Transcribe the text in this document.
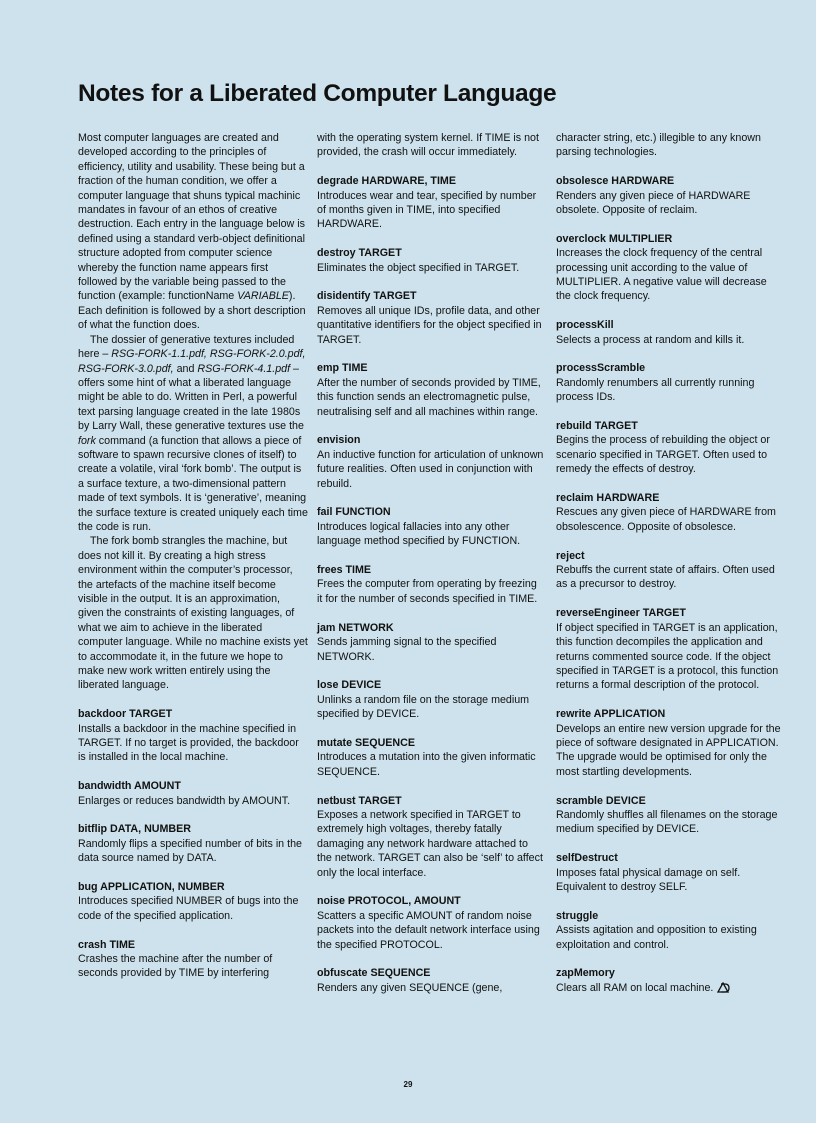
Notes for a Liberated Computer Language

Most computer languages are created and developed according to the principles of efficiency, utility and usability. These being but a fraction of the human condition, we offer a computer language that shuns typical machinic mandates in favour of an ethos of creative destruction. Each entry in the language below is defined using a standard verb-object definitional structure adopted from computer science whereby the function name appears first followed by the variable being passed to the function (example: functionName VARIABLE). Each definition is followed by a short description of what the function does.

The dossier of generative textures included here – RSG-FORK-1.1.pdf, RSG-FORK-2.0.pdf, RSG-FORK-3.0.pdf, and RSG-FORK-4.1.pdf – offers some hint of what a liberated language might be able to do. Written in Perl, a powerful text parsing language created in the late 1980s by Larry Wall, these generative textures use the fork command (a function that allows a piece of software to spawn recursive clones of itself) to create a volatile, viral ‘fork bomb’. The output is a surface texture, a two-dimensional pattern made of text symbols. It is ‘generative’, meaning the surface texture is created uniquely each time the code is run.

The fork bomb strangles the machine, but does not kill it. By creating a high stress environment within the computer’s processor, the artefacts of the machine itself become visible in the output. It is an approximation, given the constraints of existing languages, of what we aim to achieve in the liberated computer language. While no machine exists yet to accommodate it, in the future we hope to make new work written entirely using the liberated language.

backdoor TARGET

Installs a backdoor in the machine specified in TARGET. If no target is provided, the backdoor is installed in the local machine.

bandwidth AMOUNT

Enlarges or reduces bandwidth by AMOUNT.

bitflip DATA, NUMBER

Randomly flips a specified number of bits in the data source named by DATA.

bug APPLICATION, NUMBER

Introduces specified NUMBER of bugs into the code of the specified application.

crash TIME

Crashes the machine after the number of seconds provided by TIME by interfering

with the operating system kernel. If TIME is not provided, the crash will occur immediately.

degrade HARDWARE, TIME

Introduces wear and tear, specified by number of months given in TIME, into specified HARDWARE.

destroy TARGET

Eliminates the object specified in TARGET.

disidentify TARGET

Removes all unique IDs, profile data, and other quantitative identifiers for the object specified in TARGET.

emp TIME

After the number of seconds provided by TIME, this function sends an electromagnetic pulse, neutralising self and all machines within range.

envision

An inductive function for articulation of unknown future realities. Often used in conjunction with rebuild.

fail FUNCTION

Introduces logical fallacies into any other language method specified by FUNCTION.

frees TIME

Frees the computer from operating by freezing it for the number of seconds specified in TIME.

jam NETWORK

Sends jamming signal to the specified NETWORK.

lose DEVICE

Unlinks a random file on the storage medium specified by DEVICE.

mutate SEQUENCE

Introduces a mutation into the given informatic SEQUENCE.

netbust TARGET

Exposes a network specified in TARGET to extremely high voltages, thereby fatally damaging any network hardware attached to the network. TARGET can also be ‘self’ to affect only the local interface.

noise PROTOCOL, AMOUNT

Scatters a specific AMOUNT of random noise packets into the default network interface using the specified PROTOCOL.

obfuscate SEQUENCE

Renders any given SEQUENCE (gene,

character string, etc.) illegible to any known parsing technologies.

obsolesce HARDWARE

Renders any given piece of HARDWARE obsolete. Opposite of reclaim.

overclock MULTIPLIER

Increases the clock frequency of the central processing unit according to the value of MULTIPLIER. A negative value will decrease the clock frequency.

processKill

Selects a process at random and kills it.

processScramble

Randomly renumbers all currently running process IDs.

rebuild TARGET

Begins the process of rebuilding the object or scenario specified in TARGET. Often used to remedy the effects of destroy.

reclaim HARDWARE

Rescues any given piece of HARDWARE from obsolescence. Opposite of obsolesce.

reject

Rebuffs the current state of affairs. Often used as a precursor to destroy.

reverseEngineer TARGET

If object specified in TARGET is an application, this function decompiles the application and returns commented source code. If the object specified in TARGET is a protocol, this function returns a formal description of the protocol.

rewrite APPLICATION

Develops an entire new version upgrade for the piece of software designated in APPLICATION. The upgrade would be optimised for only the most startling developments.

scramble DEVICE

Randomly shuffles all filenames on the storage medium specified by DEVICE.

selfDestruct

Imposes fatal physical damage on self. Equivalent to destroy SELF.

struggle

Assists agitation and opposition to existing exploitation and control.

zapMemory

Clears all RAM on local machine.

29
